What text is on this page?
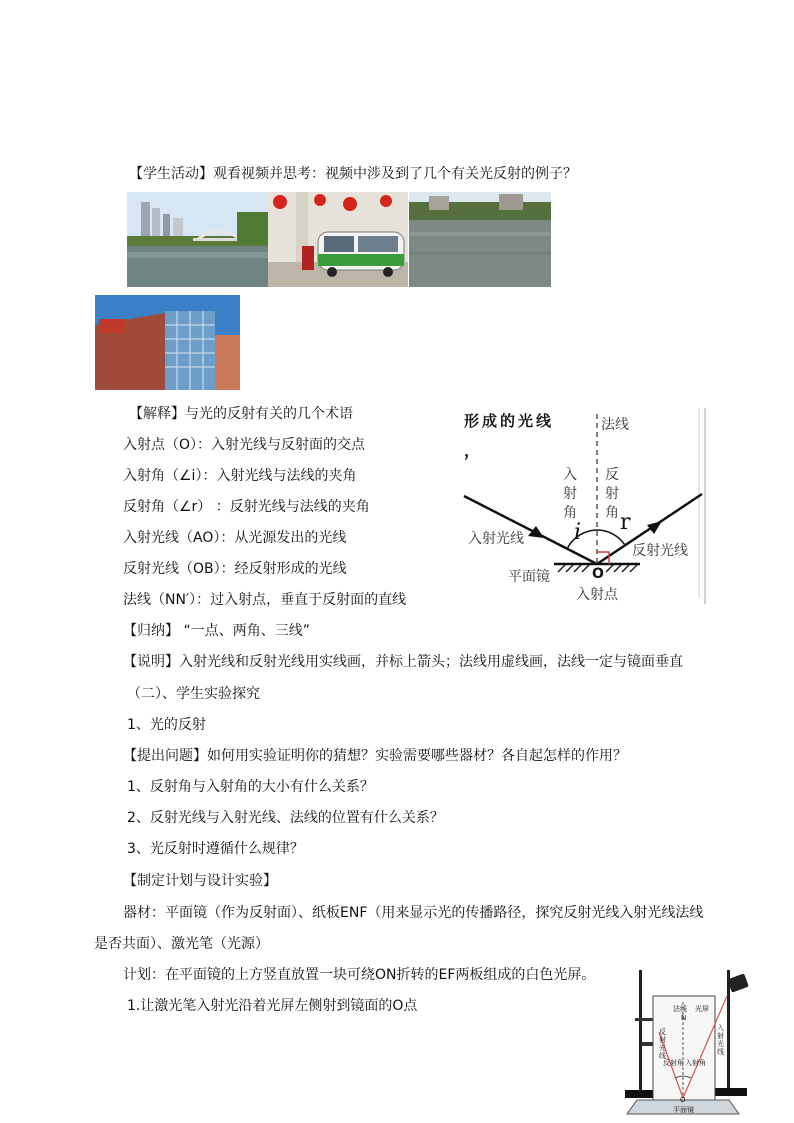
【学生活动】观看视频并思考：视频中涉及到了几个有关光反射的例子？
【解释】与光的反射有关的几个术语
入射点（O）：入射光线与反射面的交点
入射角（∠i）：入射光线与法线的夹角
反射角（∠r） ：反射光线与法线的夹角
入射光线（AO）：从光源发出的光线
反射光线（OB）：经反射形成的光线
法线（NN′）：过入射点，垂直于反射面的直线
形成的光线
，
法线
入射角
反射角
i r
入射光线
反射光线
平面镜	O
入射点
【归纳】 “一点、两角、三线”
【说明】入射光线和反射光线用实线画，并标上箭头；法线用虚线画，法线一定与镜面垂直
（二）、学生实验探究
1、光的反射
【提出问题】如何用实验证明你的猜想？实验需要哪些器材？各自起怎样的作用？
1、反射角与入射角的大小有什么关系？
2、反射光线与入射光线、法线的位置有什么关系？
3、光反射时遵循什么规律？
【制定计划与设计实验】
器材：平面镜（作为反射面）、纸板ENF（用来显示光的传播路径，探究反射光线入射光线法线
是否共面）、激光笔（光源）
计划：在平面镜的上方竖直放置一块可绕ON折转的EF两板组成的白色光屏。
1.让激光笔入射光沿着光屏左侧射到镜面的O点	法线
N
光屏
反射光线
反射角 入射角
入射光线
O
平面镜
